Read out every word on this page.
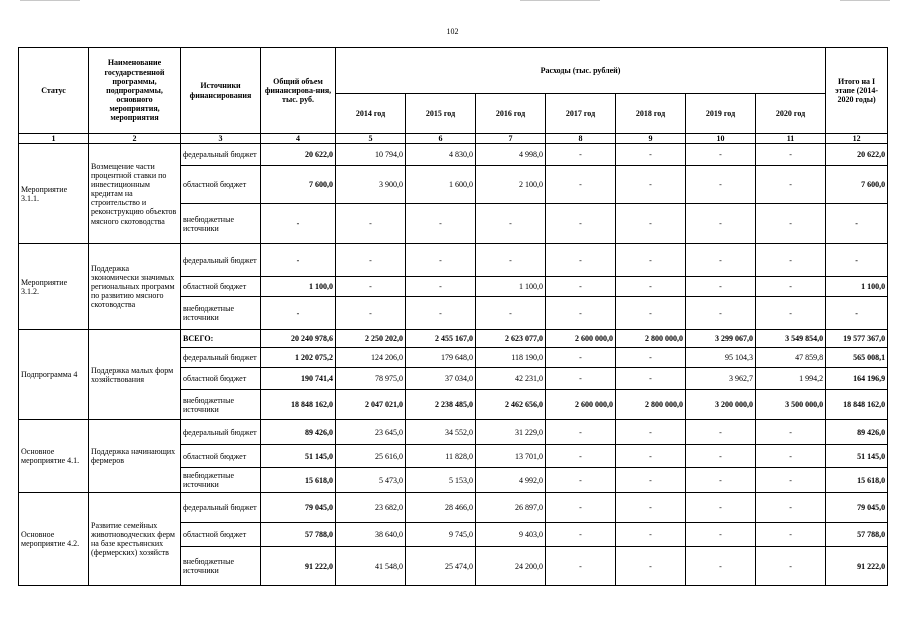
102
Статус	Наименование государственной программы, подпрограммы, основного мероприятия, мероприятия	Источники финансирования	Общий объем финансирова-ния, тыс. руб.	Расходы (тыс. рублей)							Итого на I этапе (2014-2020 годы)
				2014 год	2015 год	2016 год	2017 год	2018 год	2019 год	2020 год	
1	2	3	4	5	6	7	8	9	10	11	12
Мероприятие 3.1.1.	Возмещение части процентной ставки по инвестиционным кредитам на строительство и реконструкцию объектов мясного скотоводства	федеральный бюджет	20 622,0	10 794,0	4 830,0	4 998,0	-	-	-	-	20 622,0
		областной бюджет	7 600,0	3 900,0	1 600,0	2 100,0	-	-	-	-	7 600,0
		внебюджетные источники	-	-	-	-	-	-	-	-	-
Мероприятие 3.1.2.	Поддержка экономически значимых региональных программ по развитию мясного скотоводства	федеральный бюджет	-	-	-	-	-	-	-	-	-
		областной бюджет	1 100,0	-	-	1 100,0	-	-	-	-	1 100,0
		внебюджетные источники	-	-	-	-	-	-	-	-	-
Подпрограмма 4	Поддержка малых форм хозяйствования	ВСЕГО:	20 240 978,6	2 250 202,0	2 455 167,0	2 623 077,0	2 600 000,0	2 800 000,0	3 299 067,0	3 549 854,0	19 577 367,0
		федеральный бюджет	1 202 075,2	124 206,0	179 648,0	118 190,0	-	-	95 104,3	47 859,8	565 008,1
		областной бюджет	190 741,4	78 975,0	37 034,0	42 231,0	-	-	3 962,7	1 994,2	164 196,9
		внебюджетные источники	18 848 162,0	2 047 021,0	2 238 485,0	2 462 656,0	2 600 000,0	2 800 000,0	3 200 000,0	3 500 000,0	18 848 162,0
Основное мероприятие 4.1.	Поддержка начинающих фермеров	федеральный бюджет	89 426,0	23 645,0	34 552,0	31 229,0	-	-	-	-	89 426,0
		областной бюджет	51 145,0	25 616,0	11 828,0	13 701,0	-	-	-	-	51 145,0
		внебюджетные источники	15 618,0	5 473,0	5 153,0	4 992,0	-	-	-	-	15 618,0
Основное мероприятие 4.2.	Развитие семейных животноводческих ферм на базе крестьянских (фермерских) хозяйств	федеральный бюджет	79 045,0	23 682,0	28 466,0	26 897,0	-	-	-	-	79 045,0
		областной бюджет	57 788,0	38 640,0	9 745,0	9 403,0	-	-	-	-	57 788,0
		внебюджетные источники	91 222,0	41 548,0	25 474,0	24 200,0	-	-	-	-	91 222,0
